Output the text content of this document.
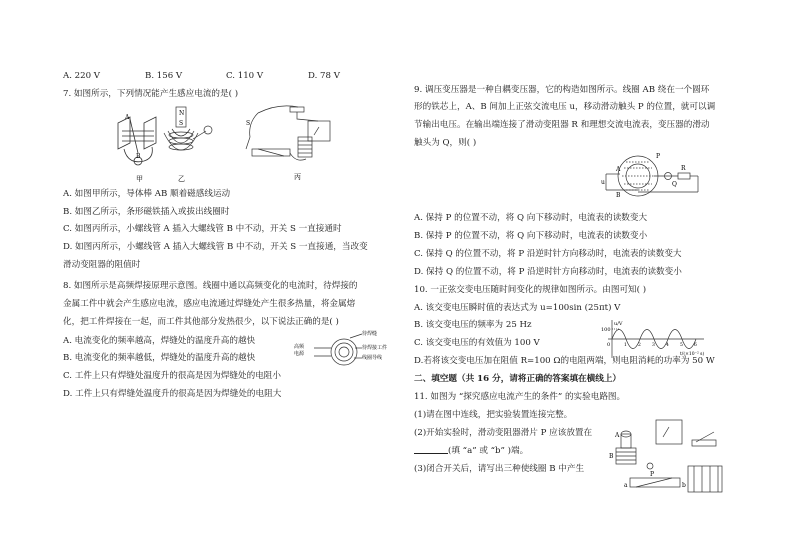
A. 220 V	B. 156 V	C. 110 V	D. 78 V
7. 如图所示，下列情况能产生感应电流的是( )
A
B
甲
N
S
乙
S
丙
A. 如图甲所示，导体棒 AB 顺着磁感线运动
B. 如图乙所示，条形磁铁插入或拔出线圈时
C. 如图丙所示，小螺线管 A 插入大螺线管 B 中不动，开关 S 一直接通时
D. 如图丙所示，小螺线管 A 插入大螺线管 B 中不动，开关 S 一直接通，当改变
滑动变阻器的阻值时
8. 如图所示是高频焊接原理示意图。线圈中通以高频变化的电流时，待焊接的
金属工件中就会产生感应电流，感应电流通过焊缝处产生很多热量，将金属熔
化，把工件焊接在一起，而工件其他部分发热很少，以下说法正确的是( )
高频
电源
待焊缝
待焊接工件
线圈导线
A. 电流变化的频率越高，焊缝处的温度升高的越快
B. 电流变化的频率越低，焊缝处的温度升高的越快
C. 工件上只有焊缝处温度升的很高是因为焊缝处的电阻小
D. 工件上只有焊缝处温度升的很高是因为焊缝处的电阻大
9. 调压变压器是一种自耦变压器，它的构造如图所示。线圈 AB 绕在一个圆环
形的铁芯上，A、B 间加上正弦交流电压 u，移动滑动触头 P 的位置，就可以调
节输出电压。在输出端连接了滑动变阻器 R 和理想交流电流表，变压器的滑动
触头为 Q，则( )
u
A
B
P
Q
R
A. 保持 P 的位置不动，将 Q 向下移动时，电流表的读数变大
B. 保持 P 的位置不动，将 Q 向下移动时，电流表的读数变小
C. 保持 Q 的位置不动，将 P 沿逆时针方向移动时，电流表的读数变大
D. 保持 Q 的位置不动，将 P 沿逆时针方向移动时，电流表的读数变小
10. 一正弦交变电压随时间变化的规律如图所示。由图可知( )
A. 该交变电压瞬时值的表达式为 u=100sin (25πt) V
B. 该交变电压的频率为 25 Hz
C. 该交变电压的有效值为 100 V
u/V
100
0	1 2 3 4 5 6
t/(×10⁻² s)
D.若将该交变电压加在阻值 R=100 Ω的电阻两端，则电阻消耗的功率为 50 W
二、填空题（共 16 分，请将正确的答案填在横线上）
11. 如图为 “探究感应电流产生的条件” 的实验电路图。
(1)请在图中连线，把实验装置连接完整。
(2)开始实验时，滑动变阻器滑片 P 应该放置在
(填 “a” 或 “b” )端。
(3)闭合开关后，请写出三种使线圈 B 中产生
A
B
a	b
P
